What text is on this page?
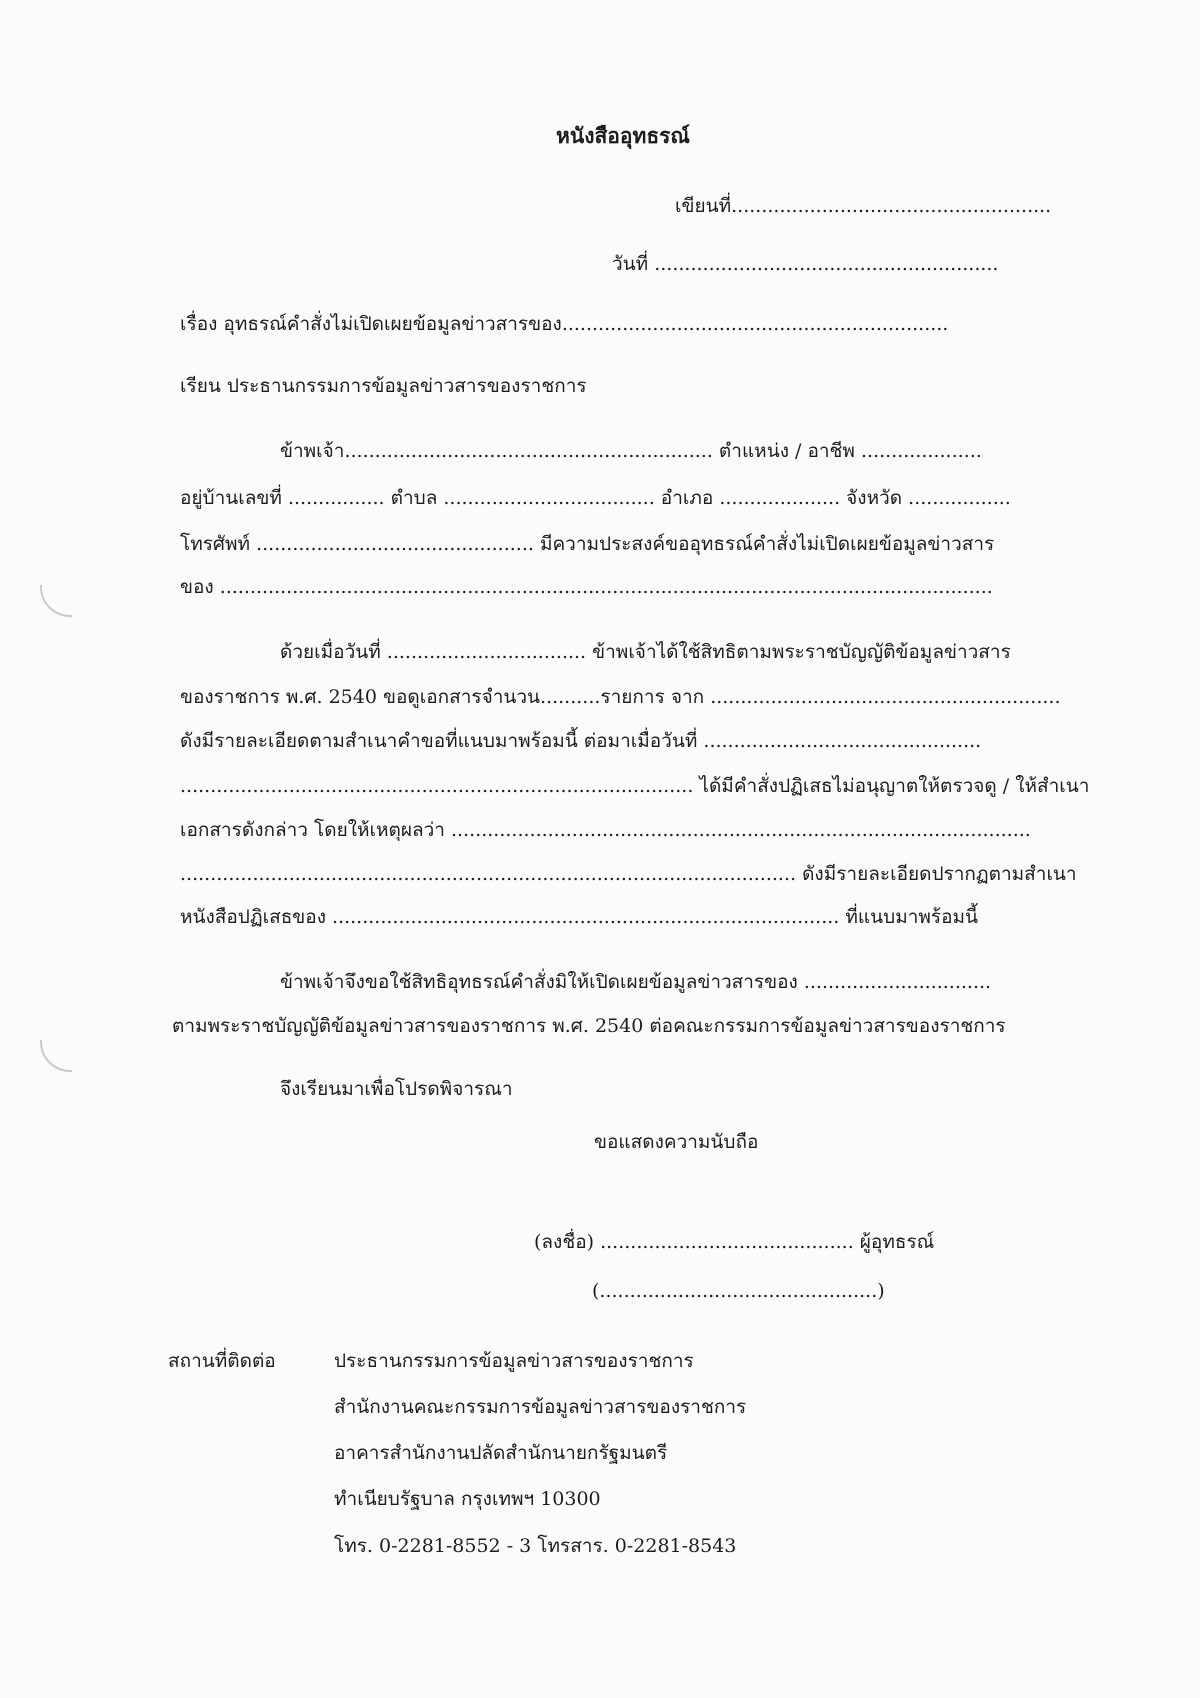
หนังสืออุทธรณ์
เขียนที่.....................................................
วันที่ .........................................................
เรื่อง อุทธรณ์คำสั่งไม่เปิดเผยข้อมูลข่าวสารของ................................................................
เรียน ประธานกรรมการข้อมูลข่าวสารของราชการ
ข้าพเจ้า............................................................. ตำแหน่ง / อาชีพ ....................
อยู่บ้านเลขที่ ................ ตำบล ................................... อำเภอ .................... จังหวัด .................
โทรศัพท์ .............................................. มีความประสงค์ขออุทธรณ์คำสั่งไม่เปิดเผยข้อมูลข่าวสาร
ของ ................................................................................................................................
ด้วยเมื่อวันที่ ................................. ข้าพเจ้าได้ใช้สิทธิตามพระราชบัญญัติข้อมูลข่าวสาร
ของราชการ พ.ศ. 2540 ขอดูเอกสารจำนวน..........รายการ จาก ..........................................................
ดังมีรายละเอียดตามสำเนาคำขอที่แนบมาพร้อมนี้ ต่อมาเมื่อวันที่ ..............................................
..................................................................................... ได้มีคำสั่งปฏิเสธไม่อนุญาตให้ตรวจดู / ให้สำเนา
เอกสารดังกล่าว โดยให้เหตุผลว่า ................................................................................................
...................................................................................................... ดังมีรายละเอียดปรากฏตามสำเนา
หนังสือปฏิเสธของ .................................................................................... ที่แนบมาพร้อมนี้
ข้าพเจ้าจึงขอใช้สิทธิอุทธรณ์คำสั่งมิให้เปิดเผยข้อมูลข่าวสารของ ...............................
ตามพระราชบัญญัติข้อมูลข่าวสารของราชการ พ.ศ. 2540 ต่อคณะกรรมการข้อมูลข่าวสารของราชการ
จึงเรียนมาเพื่อโปรดพิจารณา
ขอแสดงความนับถือ
(ลงชื่อ) .......................................... ผู้อุทธรณ์
(..............................................)
สถานที่ติดต่อ	ประธานกรรมการข้อมูลข่าวสารของราชการ
สำนักงานคณะกรรมการข้อมูลข่าวสารของราชการ
อาคารสำนักงานปลัดสำนักนายกรัฐมนตรี
ทำเนียบรัฐบาล กรุงเทพฯ 10300
โทร. 0-2281-8552 - 3 โทรสาร. 0-2281-8543
